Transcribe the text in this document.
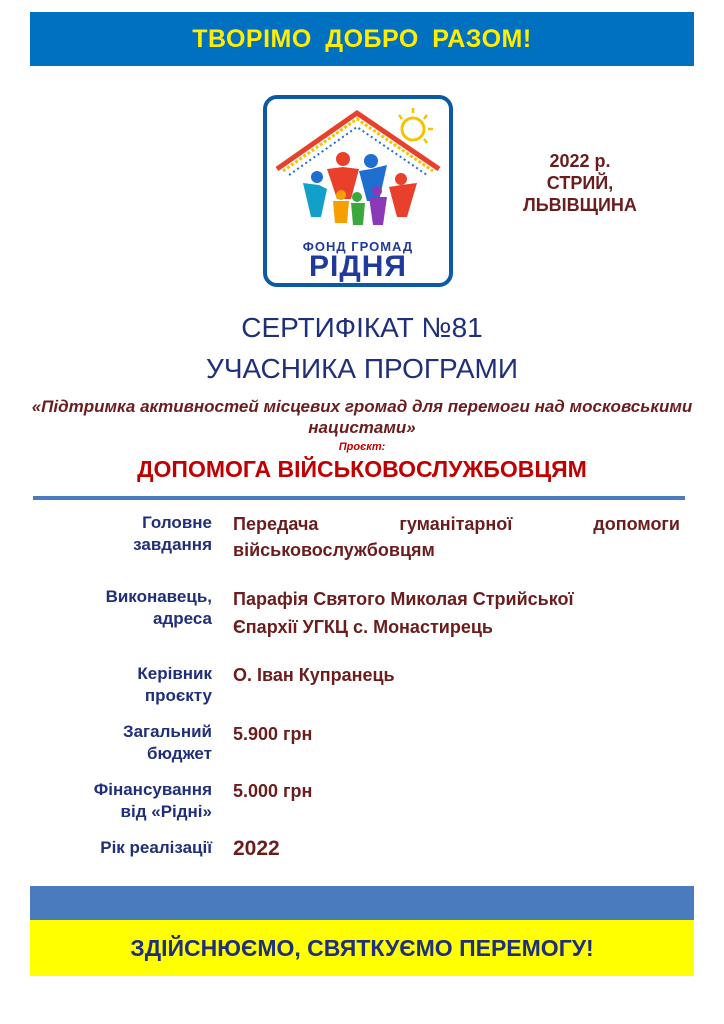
ТВОРІМО ДОБРО РАЗОМ!
ФОНД ГРОМАД
РІДНЯ
2022 р.
СТРИЙ,
ЛЬВІВЩИНА
СЕРТИФІКАТ №81
УЧАСНИКА ПРОГРАМИ
«Підтримка активностей місцевих громад для перемоги над московськими нацистами»
Проєкт:
ДОПОМОГА ВІЙСЬКОВОСЛУЖБОВЦЯМ
Головне
завдання
Передача гуманітарної допомоги військовослужбовцям
Виконавець,
адреса
Парафія Святого Миколая Стрийської
Єпархії УГКЦ с. Монастирець
Керівник
проєкту
О. Іван Купранець
Загальний
бюджет
5.900 грн
Фінансування
від «Рідні»
5.000 грн
Рік реалізації 2022
ЗДІЙСНЮЄМО, СВЯТКУЄМО ПЕРЕМОГУ!
